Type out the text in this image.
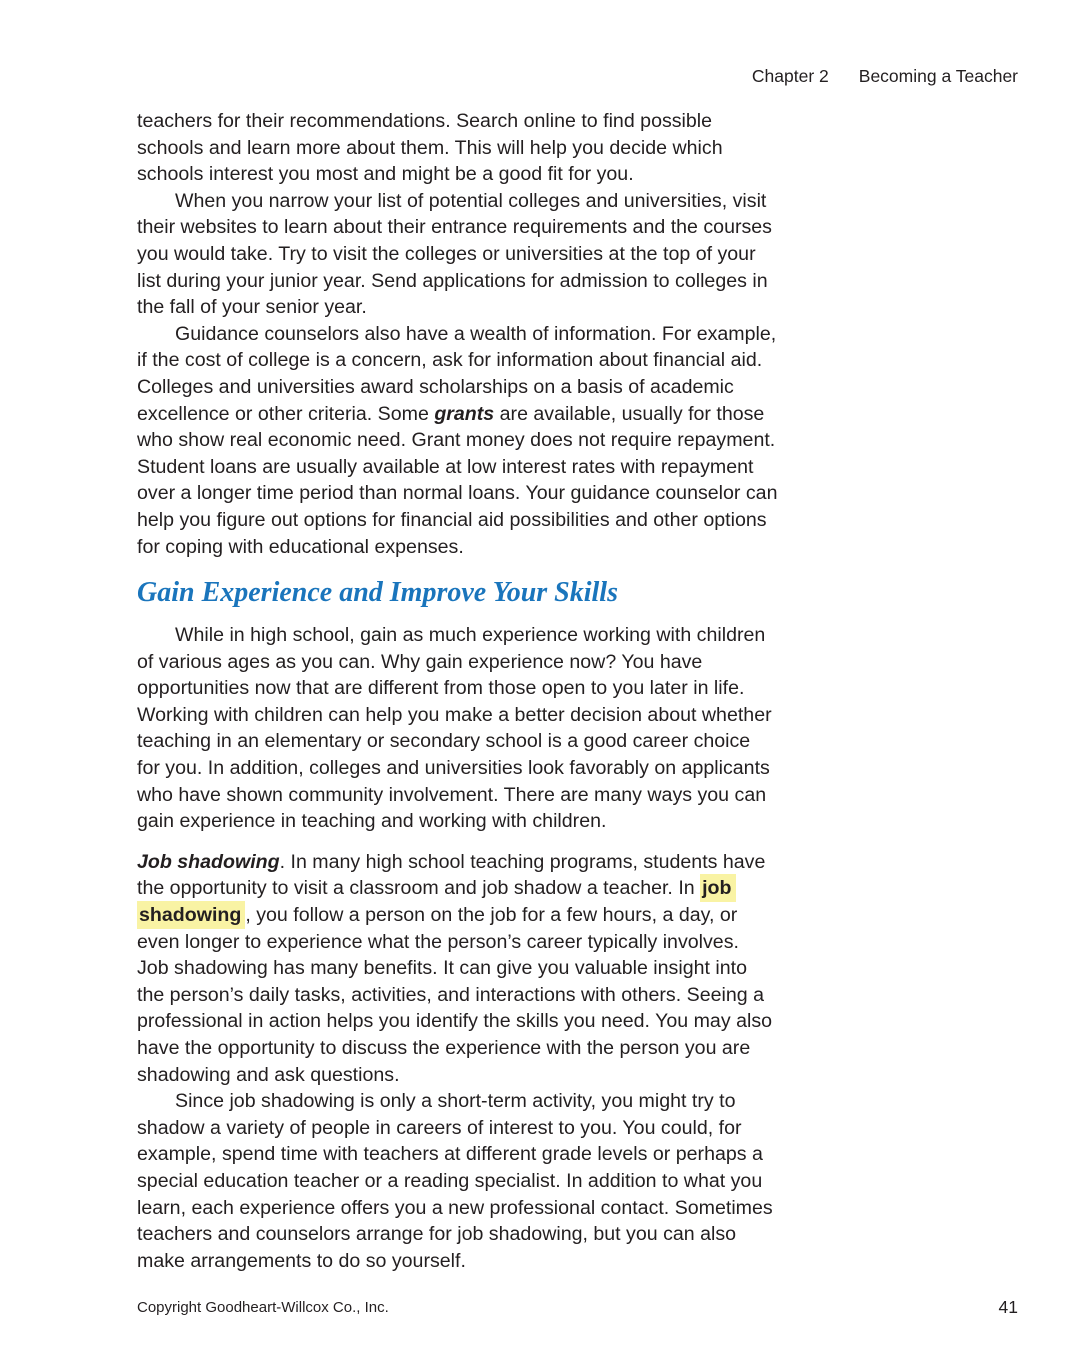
Chapter 2 Becoming a Teacher

teachers for their recommendations. Search online to find possible
schools and learn more about them. This will help you decide which
schools interest you most and might be a good fit for you.
When you narrow your list of potential colleges and universities, visit
their websites to learn about their entrance requirements and the courses
you would take. Try to visit the colleges or universities at the top of your
list during your junior year. Send applications for admission to colleges in
the fall of your senior year.
Guidance counselors also have a wealth of information. For example,
if the cost of college is a concern, ask for information about financial aid.
Colleges and universities award scholarships on a basis of academic
excellence or other criteria. Some grants are available, usually for those
who show real economic need. Grant money does not require repayment.
Student loans are usually available at low interest rates with repayment
over a longer time period than normal loans. Your guidance counselor can
help you figure out options for financial aid possibilities and other options
for coping with educational expenses.
Gain Experience and Improve Your Skills
While in high school, gain as much experience working with children
of various ages as you can. Why gain experience now? You have
opportunities now that are different from those open to you later in life.
Working with children can help you make a better decision about whether
teaching in an elementary or secondary school is a good career choice
for you. In addition, colleges and universities look favorably on applicants
who have shown community involvement. There are many ways you can
gain experience in teaching and working with children.
Job shadowing. In many high school teaching programs, students have
the opportunity to visit a classroom and job shadow a teacher. In job
shadowing , you follow a person on the job for a few hours, a day, or
even longer to experience what the person’s career typically involves.
Job shadowing has many benefits. It can give you valuable insight into
the person’s daily tasks, activities, and interactions with others. Seeing a
professional in action helps you identify the skills you need. You may also
have the opportunity to discuss the experience with the person you are
shadowing and ask questions.
Since job shadowing is only a short-term activity, you might try to
shadow a variety of people in careers of interest to you. You could, for
example, spend time with teachers at different grade levels or perhaps a
special education teacher or a reading specialist. In addition to what you
learn, each experience offers you a new professional contact. Sometimes
teachers and counselors arrange for job shadowing, but you can also
make arrangements to do so yourself.
Copyright Goodheart-Willcox Co., Inc.	41
